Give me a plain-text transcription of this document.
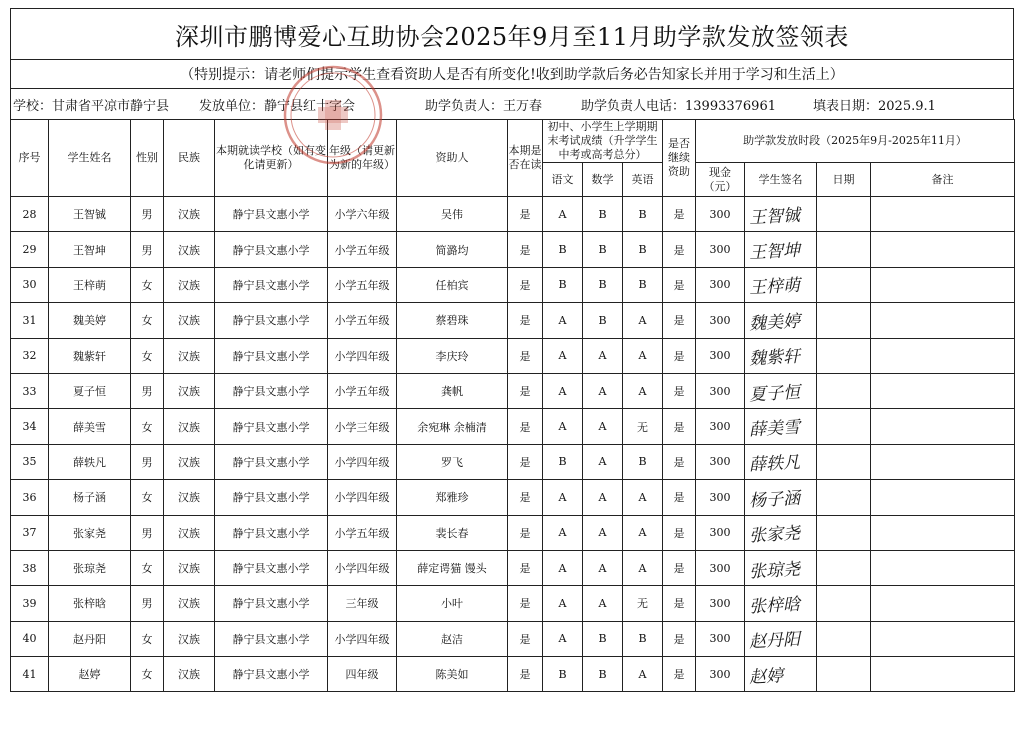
深圳市鹏博爱心互助协会2025年9月至11月助学款发放签领表
（特别提示：请老师们提示学生查看资助人是否有所变化!收到助学款后务必告知家长并用于学习和生活上）
学校：甘肃省平凉市静宁县	发放单位：静宁县红十字会	助学负责人：王万春	助学负责人电话：13993376961	填表日期：2025.9.1
序号	学生姓名	性别	民族	本期就读学校（如有变化请更新）	年级（请更新为新的年级）	资助人	本期是否在读	初中、小学生上学期期末考试成绩（升学学生中考或高考总分）			是否继续资助	助学款发放时段（2025年9月-2025年11月）			
								语文	数学	英语		现金（元）	学生签名	日期	备注
28	王智铖	男	汉族	静宁县文惠小学	小学六年级	吴伟	是	A	B	B	是	300	王智铖		
29	王智坤	男	汉族	静宁县文惠小学	小学五年级	简潞均	是	B	B	B	是	300	王智坤		
30	王梓萌	女	汉族	静宁县文惠小学	小学五年级	任柏宾	是	B	B	B	是	300	王梓萌		
31	魏美婷	女	汉族	静宁县文惠小学	小学五年级	蔡碧珠	是	A	B	A	是	300	魏美婷		
32	魏紫轩	女	汉族	静宁县文惠小学	小学四年级	李庆玲	是	A	A	A	是	300	魏紫轩		
33	夏子恒	男	汉族	静宁县文惠小学	小学五年级	龚帆	是	A	A	A	是	300	夏子恒		
34	薛美雪	女	汉族	静宁县文惠小学	小学三年级	余宛琳 余楠清	是	A	A	无	是	300	薛美雪		
35	薛轶凡	男	汉族	静宁县文惠小学	小学四年级	罗飞	是	B	A	B	是	300	薛轶凡		
36	杨子涵	女	汉族	静宁县文惠小学	小学四年级	郑雅珍	是	A	A	A	是	300	杨子涵		
37	张家尧	男	汉族	静宁县文惠小学	小学五年级	裴长春	是	A	A	A	是	300	张家尧		
38	张琼尧	女	汉族	静宁县文惠小学	小学四年级	薛定谔猫 馒头	是	A	A	A	是	300	张琼尧		
39	张梓晗	男	汉族	静宁县文惠小学	三年级	小叶	是	A	A	无	是	300	张梓晗		
40	赵丹阳	女	汉族	静宁县文惠小学	小学四年级	赵洁	是	A	B	B	是	300	赵丹阳		
41	赵婷	女	汉族	静宁县文惠小学	四年级	陈美如	是	B	B	A	是	300	赵婷		
